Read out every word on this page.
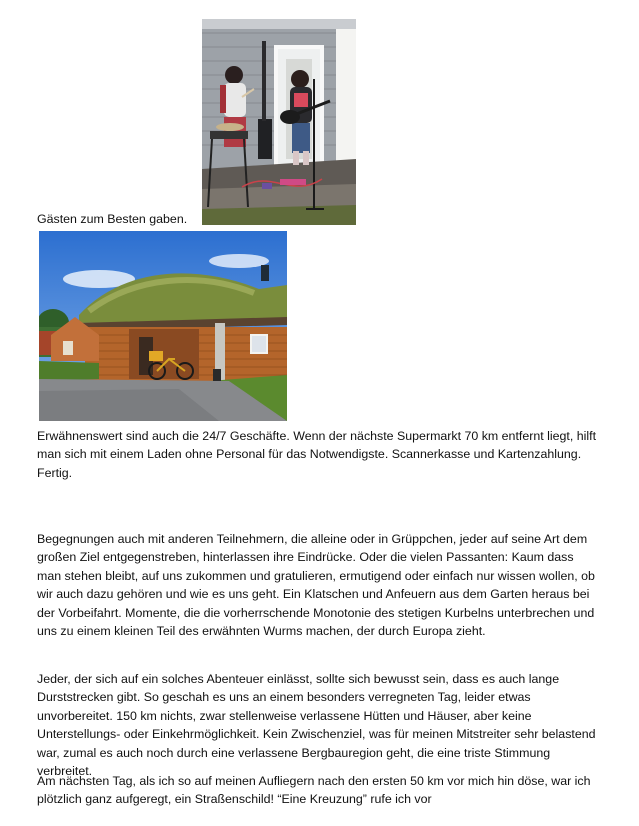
Gästen zum Besten gaben.

Erwähnenswert sind auch die 24/7 Geschäfte. Wenn der nächste Supermarkt 70 km entfernt liegt, hilft man sich mit einem Laden ohne Personal für das Notwendigste. Scannerkasse und Kartenzahlung. Fertig.

Begegnungen auch mit anderen Teilnehmern, die alleine oder in Grüppchen, jeder auf seine Art dem großen Ziel entgegenstreben, hinterlassen ihre Eindrücke. Oder die vielen Passanten: Kaum dass man stehen bleibt, auf uns zukommen und gratulieren, ermutigend oder einfach nur wissen wollen, ob wir auch dazu gehören und wie es uns geht. Ein Klatschen und Anfeuern aus dem Garten heraus bei der Vorbeifahrt. Momente, die die vorherrschende Monotonie des stetigen Kurbelns unterbrechen und uns zu einem kleinen Teil des erwähnten Wurms machen, der durch Europa zieht.

Jeder, der sich auf ein solches Abenteuer einlässt, sollte sich bewusst sein, dass es auch lange Durststrecken gibt. So geschah es uns an einem besonders verregneten Tag, leider etwas unvorbereitet. 150 km nichts, zwar stellenweise verlassene Hütten und Häuser, aber keine Unterstellungs- oder Einkehrmöglichkeit. Kein Zwischenziel, was für meinen Mitstreiter sehr belastend war, zumal es auch noch durch eine verlassene Bergbauregion geht, die eine triste Stimmung verbreitet.

Am nächsten Tag, als ich so auf meinen Aufliegern nach den ersten 50 km vor mich hin döse, war ich plötzlich ganz aufgeregt, ein Straßenschild! “Eine Kreuzung” rufe ich vor
